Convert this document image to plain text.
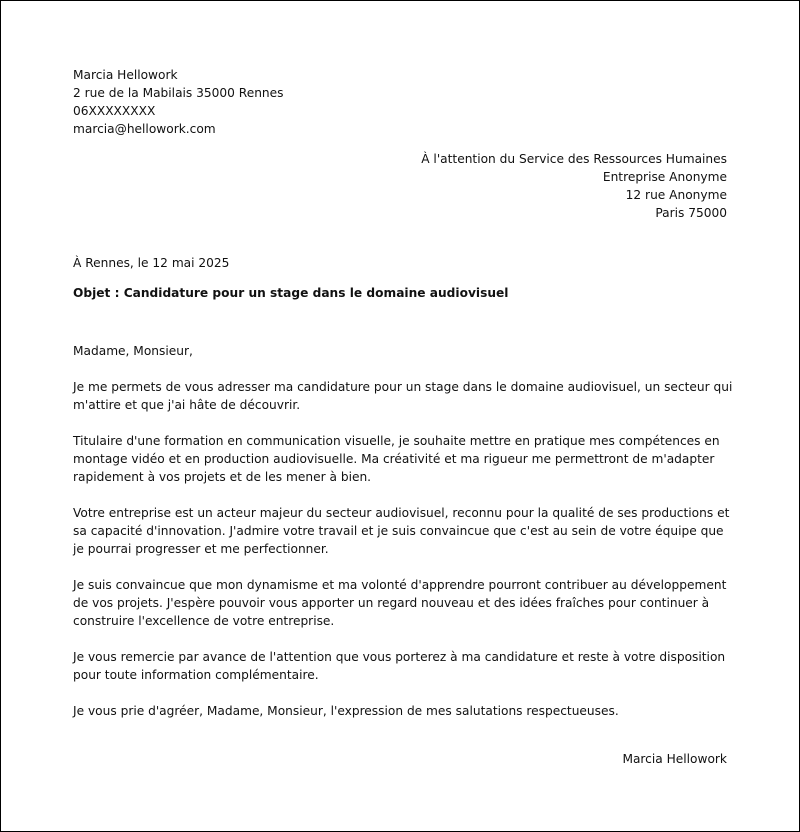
Marcia Hellowork
2 rue de la Mabilais 35000 Rennes
06XXXXXXXX
marcia@hellowork.com
À l'attention du Service des Ressources Humaines
Entreprise Anonyme
12 rue Anonyme
Paris 75000
À Rennes, le 12 mai 2025
Objet : Candidature pour un stage dans le domaine audiovisuel

Madame, Monsieur,

Je me permets de vous adresser ma candidature pour un stage dans le domaine audiovisuel, un secteur qui m'attire et que j'ai hâte de découvrir.

Titulaire d'une formation en communication visuelle, je souhaite mettre en pratique mes compétences en montage vidéo et en production audiovisuelle. Ma créativité et ma rigueur me permettront de m'adapter rapidement à vos projets et de les mener à bien.

Votre entreprise est un acteur majeur du secteur audiovisuel, reconnu pour la qualité de ses productions et sa capacité d'innovation. J'admire votre travail et je suis convaincue que c'est au sein de votre équipe que je pourrai progresser et me perfectionner.

Je suis convaincue que mon dynamisme et ma volonté d'apprendre pourront contribuer au développement de vos projets. J'espère pouvoir vous apporter un regard nouveau et des idées fraîches pour continuer à construire l'excellence de votre entreprise.

Je vous remercie par avance de l'attention que vous porterez à ma candidature et reste à votre disposition pour toute information complémentaire.

Je vous prie d'agréer, Madame, Monsieur, l'expression de mes salutations respectueuses.

Marcia Hellowork
